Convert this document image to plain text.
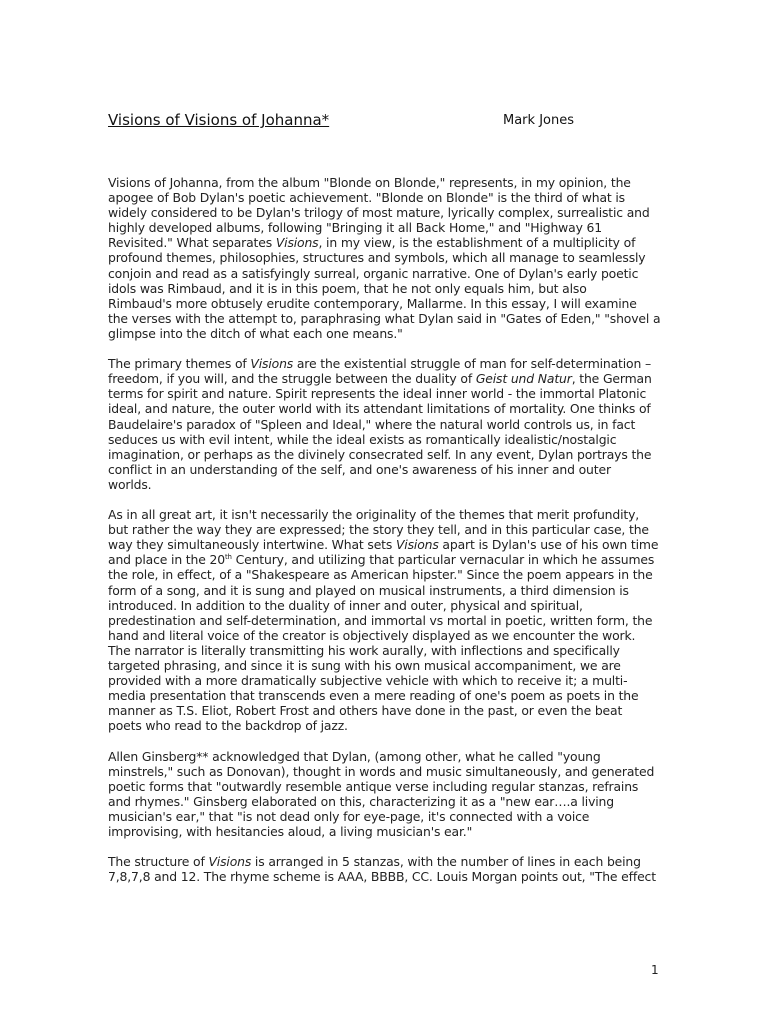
Visions of Visions of Johanna*	Mark Jones
Visions of Johanna, from the album "Blonde on Blonde," represents, in my opinion, the
apogee of Bob Dylan's poetic achievement. "Blonde on Blonde" is the third of what is
widely considered to be Dylan's trilogy of most mature, lyrically complex, surrealistic and
highly developed albums, following "Bringing it all Back Home," and "Highway 61
Revisited." What separates Visions, in my view, is the establishment of a multiplicity of
profound themes, philosophies, structures and symbols, which all manage to seamlessly
conjoin and read as a satisfyingly surreal, organic narrative. One of Dylan's early poetic
idols was Rimbaud, and it is in this poem, that he not only equals him, but also
Rimbaud's more obtusely erudite contemporary, Mallarme. In this essay, I will examine
the verses with the attempt to, paraphrasing what Dylan said in "Gates of Eden," "shovel a
glimpse into the ditch of what each one means."
The primary themes of Visions are the existential struggle of man for self-determination –
freedom, if you will, and the struggle between the duality of Geist und Natur, the German
terms for spirit and nature. Spirit represents the ideal inner world - the immortal Platonic
ideal, and nature, the outer world with its attendant limitations of mortality. One thinks of
Baudelaire's paradox of "Spleen and Ideal," where the natural world controls us, in fact
seduces us with evil intent, while the ideal exists as romantically idealistic/nostalgic
imagination, or perhaps as the divinely consecrated self. In any event, Dylan portrays the
conflict in an understanding of the self, and one's awareness of his inner and outer
worlds.
As in all great art, it isn't necessarily the originality of the themes that merit profundity,
but rather the way they are expressed; the story they tell, and in this particular case, the
way they simultaneously intertwine. What sets Visions apart is Dylan's use of his own time
and place in the 20th Century, and utilizing that particular vernacular in which he assumes
the role, in effect, of a "Shakespeare as American hipster." Since the poem appears in the
form of a song, and it is sung and played on musical instruments, a third dimension is
introduced. In addition to the duality of inner and outer, physical and spiritual,
predestination and self-determination, and immortal vs mortal in poetic, written form, the
hand and literal voice of the creator is objectively displayed as we encounter the work.
The narrator is literally transmitting his work aurally, with inflections and specifically
targeted phrasing, and since it is sung with his own musical accompaniment, we are
provided with a more dramatically subjective vehicle with which to receive it; a multi-
media presentation that transcends even a mere reading of one's poem as poets in the
manner as T.S. Eliot, Robert Frost and others have done in the past, or even the beat
poets who read to the backdrop of jazz.
Allen Ginsberg** acknowledged that Dylan, (among other, what he called "young
minstrels," such as Donovan), thought in words and music simultaneously, and generated
poetic forms that "outwardly resemble antique verse including regular stanzas, refrains
and rhymes." Ginsberg elaborated on this, characterizing it as a "new ear….a living
musician's ear," that "is not dead only for eye-page, it's connected with a voice
improvising, with hesitancies aloud, a living musician's ear."
The structure of Visions is arranged in 5 stanzas, with the number of lines in each being
7,8,7,8 and 12. The rhyme scheme is AAA, BBBB, CC. Louis Morgan points out, "The effect
1
